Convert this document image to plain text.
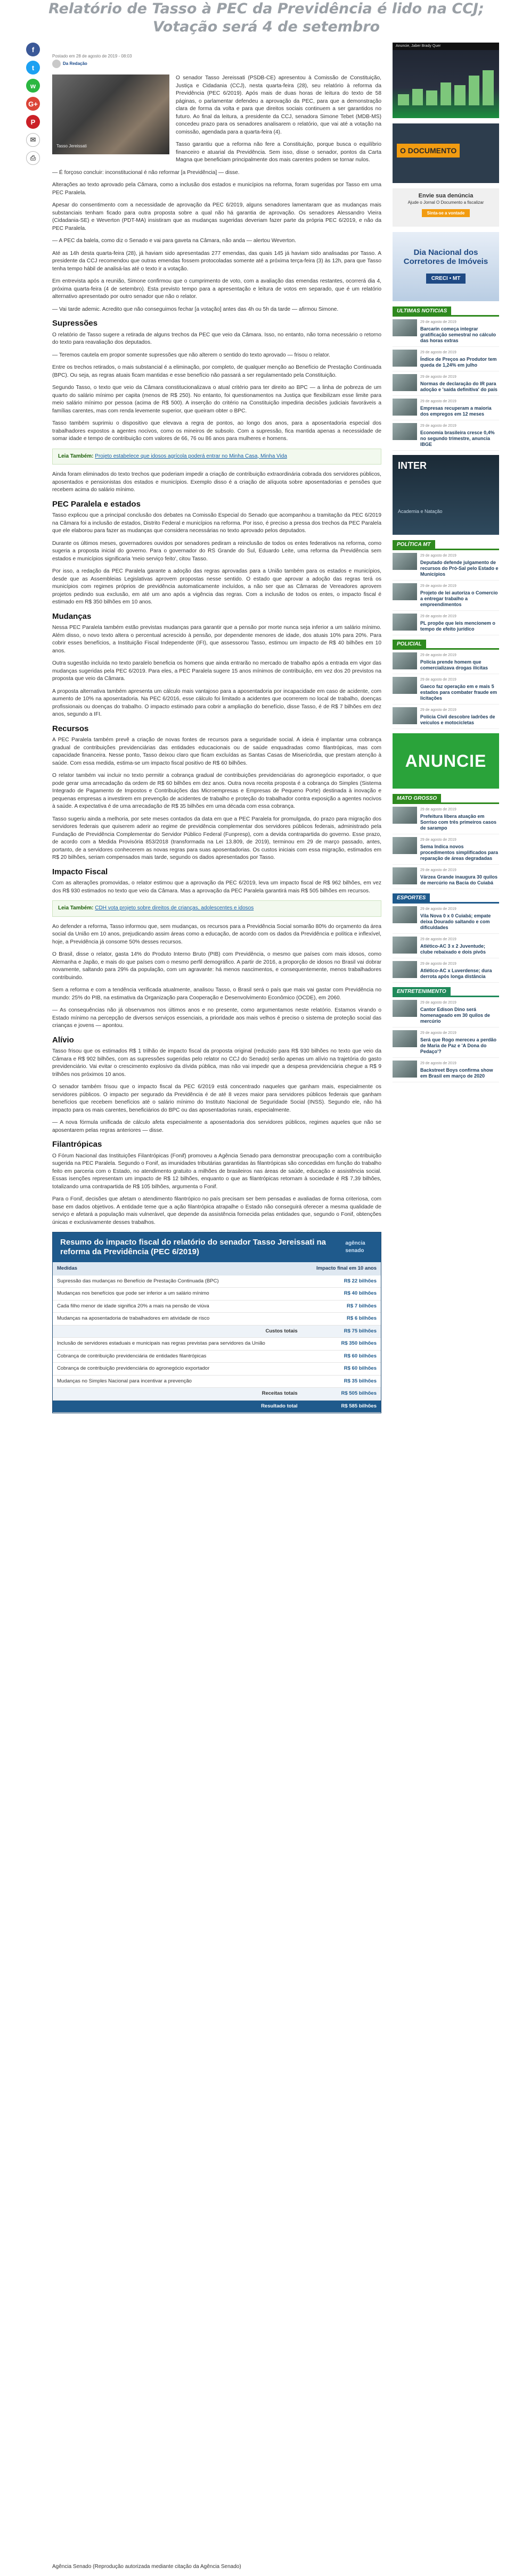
Relatório de Tasso à PEC da Previdência é lido na CCJ; Votação será 4 de setembro
f
t
w
G+
P
✉
⎙
Postado em 28 de agosto de 2019 - 08:03
Da Redação
Tasso Jereissati

O senador Tasso Jereissati (PSDB-CE) apresentou à Comissão de Constituição, Justiça e Cidadania (CCJ), nesta quarta-feira (28), seu relatório à reforma da Previdência (PEC 6/2019). Após mais de duas horas de leitura do texto de 58 páginas, o parlamentar defendeu a aprovação da PEC, para que a demonstração clara de forma da volta e para que direitos sociais continuem a ser garantidos no futuro. Ao final da leitura, a presidente da CCJ, senadora Simone Tebet (MDB-MS) concedeu prazo para os senadores analisarem o relatório, que vai até a votação na comissão, agendada para a quarta-feira (4).

Tasso garantiu que a reforma não fere a Constituição, porque busca o equilíbrio financeiro e atuarial da Previdência. Sem isso, disse o senador, pontos da Carta Magna que beneficiam principalmente dos mais carentes podem se tornar nulos.

— É forçoso concluir: inconstitucional é não reformar [a Previdência] — disse.

Alterações ao texto aprovado pela Câmara, como a inclusão dos estados e municípios na reforma, foram sugeridas por Tasso em uma PEC Paralela.

Apesar do consentimento com a necessidade de aprovação da PEC 6/2019, alguns senadores lamentaram que as mudanças mais substanciais tenham ficado para outra proposta sobre a qual não há garantia de aprovação. Os senadores Alessandro Vieira (Cidadania-SE) e Weverton (PDT-MA) insistiram que as mudanças sugeridas deveriam fazer parte da própria PEC 6/2019, e não da PEC Paralela.

— A PEC da balela, como diz o Senado e vai para gaveta na Câmara, não anda — alertou Weverton.

Até as 14h desta quarta-feira (28), já haviam sido apresentadas 277 emendas, das quais 145 já haviam sido analisadas por Tasso. A presidente da CCJ recomendou que outras emendas fossem protocoladas somente até a próxima terça-feira (3) às 12h, para que Tasso tenha tempo hábil de analisá-las até o texto ir a votação.

Em entrevista após a reunião, Simone confirmou que o cumprimento de voto, com a avaliação das emendas restantes, ocorrerá dia 4, próxima quarta-feira (4 de setembro). Esta previsto tempo para a apresentação e leitura de votos em separado, que é um relatório alternativo apresentado por outro senador que não o relator.

— Vai tarde ademic. Acredito que não conseguimos fechar [a votação] antes das 4h ou 5h da tarde — afirmou Simone.

Supressões

O relatório de Tasso sugere a retirada de alguns trechos da PEC que veio da Câmara. Isso, no entanto, não torna necessário o retorno do texto para reavaliação dos deputados.

— Teremos cautela em propor somente supressões que não alterem o sentido do texto aprovado — frisou o relator.

Entre os trechos retirados, o mais substancial é a eliminação, por completo, de qualquer menção ao Benefício de Prestação Continuada (BPC). Ou seja, as regras atuais ficam mantidas e esse benefício não passará a ser regulamentado pela Constituição.

Segundo Tasso, o texto que veio da Câmara constitucionalizava o atual critério para ter direito ao BPC — a linha de pobreza de um quarto do salário mínimo per capita (menos de R$ 250). No entanto, foi questionamentos na Justiça que flexibilizam esse limite para meio salário mínimo por pessoa (acima de R$ 500). A inserção do critério na Constituição impediria decisões judiciais favoráveis a famílias carentes, mas com renda levemente superior, que queiram obter o BPC.

Tasso também suprimiu o dispositivo que elevava a regra de pontos, ao longo dos anos, para a aposentadoria especial dos trabalhadores expostos a agentes nocivos, como os mineiros de subsolo. Com a supressão, fica mantida apenas a necessidade de somar idade e tempo de contribuição com valores de 66, 76 ou 86 anos para mulheres e homens.

Leia Também: Projeto estabelece que idosos agrícola poderá entrar no Minha Casa, Minha Vida

Ainda foram eliminados do texto trechos que poderiam impedir a criação de contribuição extraordinária cobrada dos servidores públicos, aposentados e pensionistas dos estados e municípios. Exemplo disso é a criação de alíquota sobre aposentadorias e pensões que recebem acima do salário mínimo.

PEC Paralela e estados

Tasso explicou que a principal conclusão dos debates na Comissão Especial do Senado que acompanhou a tramitação da PEC 6/2019 na Câmara foi a inclusão de estados, Distrito Federal e municípios na reforma. Por isso, é preciso a pressa dos trechos da PEC Paralela que ele elaborou para fazer as mudanças que considera necessárias no texto aprovado pelos deputados.

Durante os últimos meses, governadores ouvidos por senadores pediram a reinclusão de todos os entes federativos na reforma, como sugeria a proposta inicial do governo. Para o governador do RS Grande do Sul, Eduardo Leite, uma reforma da Previdência sem estados e municípios significaria 'meio serviço feito', citou Tasso.

Por isso, a redação da PEC Paralela garante a adoção das regras aprovadas para a União também para os estados e municípios, desde que as Assembleias Legislativas aprovem propostas nesse sentido. O estado que aprovar a adoção das regras terá os municípios com regimes próprios de previdência automaticamente incluídos, a não ser que as Câmaras de Vereadores aprovem projetos pedindo sua exclusão, em até um ano após a vigência das regras. Com a inclusão de todos os entes, o impacto fiscal é estimado em R$ 350 bilhões em 10 anos.

Mudanças

Nessa PEC Paralela também estão previstas mudanças para garantir que a pensão por morte nunca seja inferior a um salário mínimo. Além disso, o novo texto altera o percentual acrescido à pensão, por dependente menores de idade, dos atuais 10% para 20%. Para cobrir esses benefícios, a Instituição Fiscal Independente (IFI), que assessorou Tasso, estimou um impacto de R$ 40 bilhões em 10 anos.

Outra sugestão incluída no texto paralelo beneficia os homens que ainda entrarão no mercado de trabalho após a entrada em vigor das mudanças sugeridas pela PEC 6/2019. Para eles, a PEC Paralela sugere 15 anos mínimos de contribuição, em vez dos 20 previstos na proposta que veio da Câmara.

A proposta alternativa também apresenta um cálculo mais vantajoso para a aposentadoria por incapacidade em caso de acidente, com aumento de 10% na aposentadoria. Na PEC 6/2016, esse cálculo foi limitado a acidentes que ocorrerem no local de trabalho, doenças profissionais ou doenças do trabalho. O impacto estimado para cobrir a ampliação do benefício, disse Tasso, é de R$ 7 bilhões em dez anos, segundo a IFI.

Recursos

A PEC Paralela também prevê a criação de novas fontes de recursos para a seguridade social. A ideia é implantar uma cobrança gradual de contribuições previdenciárias das entidades educacionais ou de saúde enquadradas como filantrópicas, mas com capacidade financeira. Nesse ponto, Tasso deixou claro que ficam excluídas as Santas Casas de Misericórdia, que prestam atenção à saúde. Com essa medida, estima-se um impacto fiscal positivo de R$ 60 bilhões.

O relator também vai incluir no texto permitir a cobrança gradual de contribuições previdenciárias do agronegócio exportador, o que pode gerar uma arrecadação da ordem de R$ 60 bilhões em dez anos. Outra nova receita proposta é a cobrança do Simples (Sistema Integrado de Pagamento de Impostos e Contribuições das Microempresas e Empresas de Pequeno Porte) destinada à inovação e pequenas empresas a investirem em prevenção de acidentes de trabalho e proteção do trabalhador contra exposição a agentes nocivos à saúde. A expectativa é de uma arrecadação de R$ 35 bilhões em uma década com essa cobrança.

Tasso sugeriu ainda a melhoria, por sete meses contados da data em que a PEC Paralela for promulgada, do prazo para migração dos servidores federais que quiserem aderir ao regime de previdência complementar dos servidores públicos federais, administrado pela Fundação de Previdência Complementar do Servidor Público Federal (Funpresp), com a devida contrapartida do governo. Esse prazo, de acordo com a Medida Provisória 853/2018 (transformada na Lei 13.809, de 2019), terminou em 29 de março passado, antes, portanto, de a servidores conhecerem as novas regras para suas aposentadorias. Os custos iniciais com essa migração, estimados em R$ 20 bilhões, seriam compensados mais tarde, segundo os dados apresentados por Tasso.

Impacto Fiscal

Com as alterações promovidas, o relator estimou que a aprovação da PEC 6/2019, leva um impacto fiscal de R$ 962 bilhões, em vez dos R$ 930 estimados no texto que veio da Câmara. Mas a aprovação da PEC Paralela garantirá mais R$ 505 bilhões em recursos.

Leia Também: CDH vota projeto sobre direitos de crianças, adolescentes e idosos

Ao defender a reforma, Tasso informou que, sem mudanças, os recursos para a Previdência Social somarão 80% do orçamento da área social da União em 10 anos, prejudicando assim áreas como a educação, de acordo com os dados da Previdência e política e inflexível, hoje, a Previdência já consome 50% desses recursos.

O Brasil, disse o relator, gasta 14% do Produto Interno Bruto (PIB) com Previdência, o mesmo que países com mais idosos, como Alemanha e Japão, e mais do que países com o mesmo perfil demográfico. A partir de 2016, a proporção de idosos no Brasil vai dobrar novamente, saltando para 29% da população, com um agravante: há menos nascimentos, e consequentemente, menos trabalhadores contribuindo.

Sem a reforma e com a tendência verificada atualmente, analisou Tasso, o Brasil será o país que mais vai gastar com Previdência no mundo: 25% do PIB, na estimativa da Organização para Cooperação e Desenvolvimento Econômico (OCDE), em 2060.

— As consequências não já observamos nos últimos anos e no presente, como argumentamos neste relatório. Estamos virando o Estado mínimo na percepção de diversos serviços essenciais, a prioridade aos mais velhos é preciso o sistema de proteção social das crianças e jovens — apontou.

Alívio

Tasso frisou que os estimados R$ 1 trilhão de impacto fiscal da proposta original (reduzido para R$ 930 bilhões no texto que veio da Câmara e R$ 902 bilhões, com as supressões sugeridas pelo relator no CCJ do Senado) serão apenas um alívio na trajetória do gasto previdenciário. Vai evitar o crescimento explosivo da dívida pública, mas não vai impedir que a despesa previdenciária chegue a R$ 9 trilhões nos próximos 10 anos.

O senador também frisou que o impacto fiscal da PEC 6/2019 está concentrado naqueles que ganham mais, especialmente os servidores públicos. O impacto per segurado da Previdência é de até 8 vezes maior para servidores públicos federais que ganham benefícios que recebem benefícios até o salário mínimo do Instituto Nacional de Seguridade Social (INSS). Segundo ele, não há impacto para os mais carentes, beneficiários do BPC ou das aposentadorias rurais, especialmente.

— A nova fórmula unificada de cálculo afeta especialmente a aposentadoria dos servidores públicos, regimes aqueles que não se aposentarem pelas regras anteriores — disse.

Filantrópicas

O Fórum Nacional das Instituições Filantrópicas (Fonif) promoveu a Agência Senado para demonstrar preocupação com a contribuição sugerida na PEC Paralela. Segundo o Fonif, as imunidades tributárias garantidas às filantrópicas são concedidas em função do trabalho feito em parceria com o Estado, no atendimento gratuito a milhões de brasileiros nas áreas de saúde, educação e assistência social. Essas isenções representam um impacto de R$ 12 bilhões, enquanto o que as filantrópicas retornam à sociedade é R$ 7,39 bilhões, totalizando uma contrapartida de R$ 105 bilhões, argumenta o Fonif.

Para o Fonif, decisões que afetam o atendimento filantrópico no país precisam ser bem pensadas e avaliadas de forma criteriosa, com base em dados objetivos. A entidade teme que a ação filantrópica atrapalhe o Estado não conseguirá oferecer a mesma qualidade de serviço e afetará a população mais vulnerável, que depende da assistência fornecida pelas entidades que, segundo o Fonif, obtenções únicas e exclusivamente desses trabalhos.

Resumo do impacto fiscal do relatório do senador Tasso Jereissati na reforma da Previdência (PEC 6/2019)
agência senado
Medidas	Impacto final em 10 anos
Supressão das mudanças no Benefício de Prestação Continuada (BPC)	R$ 22 bilhões
Mudanças nos benefícios que pode ser inferior a um salário mínimo	R$ 40 bilhões
Cada filho menor de idade significa 20% a mais na pensão de viúva	R$ 7 bilhões
Mudanças na aposentadoria de trabalhadores em atividade de risco	R$ 6 bilhões
Custos totais	R$ 75 bilhões
Inclusão de servidores estaduais e municipais nas regras previstas para servidores da União	R$ 350 bilhões
Cobrança de contribuição previdenciária de entidades filantrópicas	R$ 60 bilhões
Cobrança de contribuição previdenciária do agronegócio exportador	R$ 60 bilhões
Mudanças no Simples Nacional para incentivar a prevenção	R$ 35 bilhões
Receitas totais	R$ 505 bilhões
Resultado total	R$ 585 bilhões
Agência Senado (Reprodução autorizada mediante citação da Agência Senado)
Anuncie, Jaber Brady Quer
O DOCUMENTO
Envie sua denúncia
Ajude o Jornal O Documento a fiscalizar
Sinta-se a vontade
Dia Nacional dos Corretores de Imóveis
CRECI • MT
ULTIMAS NOTICIAS
29 de agosto de 2019
Barcarin começa integrar gratificação semestral no cálculo das horas extras
29 de agosto de 2019
Índice de Preços ao Produtor tem queda de 1,24% em julho
29 de agosto de 2019
Normas de declaração do IR para adoção e 'saída definitiva' do país
29 de agosto de 2019
Empresas recuperam a maioria dos empregos em 12 meses
29 de agosto de 2019
Economia brasileira cresce 0,4% no segundo trimestre, anuncia IBGE
INTER
Academia e Natação
POLÍTICA MT
29 de agosto de 2019
Deputado defende julgamento de recursos do Pró-Sal pelo Estado e Municípios
29 de agosto de 2019
Projeto de lei autoriza o Comercio a entregar trabalho a empreendimentos
29 de agosto de 2019
PL propõe que leis mencionem o tempo de efeito jurídico
POLICIAL
29 de agosto de 2019
Polícia prende homem que comercializava drogas ilícitas
29 de agosto de 2019
Gaeco faz operação em e mais 5 estados para combater fraude em licitações
29 de agosto de 2019
Polícia Civil descobre ladrões de veículos e motocicletas
ANUNCIE
MATO GROSSO
29 de agosto de 2019
Prefeitura libera atuação em Sorriso com três primeiros casos de sarampo
29 de agosto de 2019
Sema Indica novos procedimentos simplificados para reparação de áreas degradadas
29 de agosto de 2019
Várzea Grande inaugura 30 quilos de mercúrio na Bacia do Cuiabá
ESPORTES
29 de agosto de 2019
Vila Nova 0 x 0 Cuiabá; empate deixa Dourado saltando e com dificuldades
29 de agosto de 2019
Atlético-AC 3 x 2 Juventude; clube rebaixado e dois pivôs
29 de agosto de 2019
Atlético-AC x Luverdense; dura derrota após longa distância
ENTRETENIMENTO
29 de agosto de 2019
Cantor Edison Dino será homenageado em 30 quilos de mercúrio
29 de agosto de 2019
Será que Rogo mereceu a perdão de Maria de Paz e 'A Dona do Pedaço'?
29 de agosto de 2019
Backstreet Boys confirma show em Brasil em março de 2020
